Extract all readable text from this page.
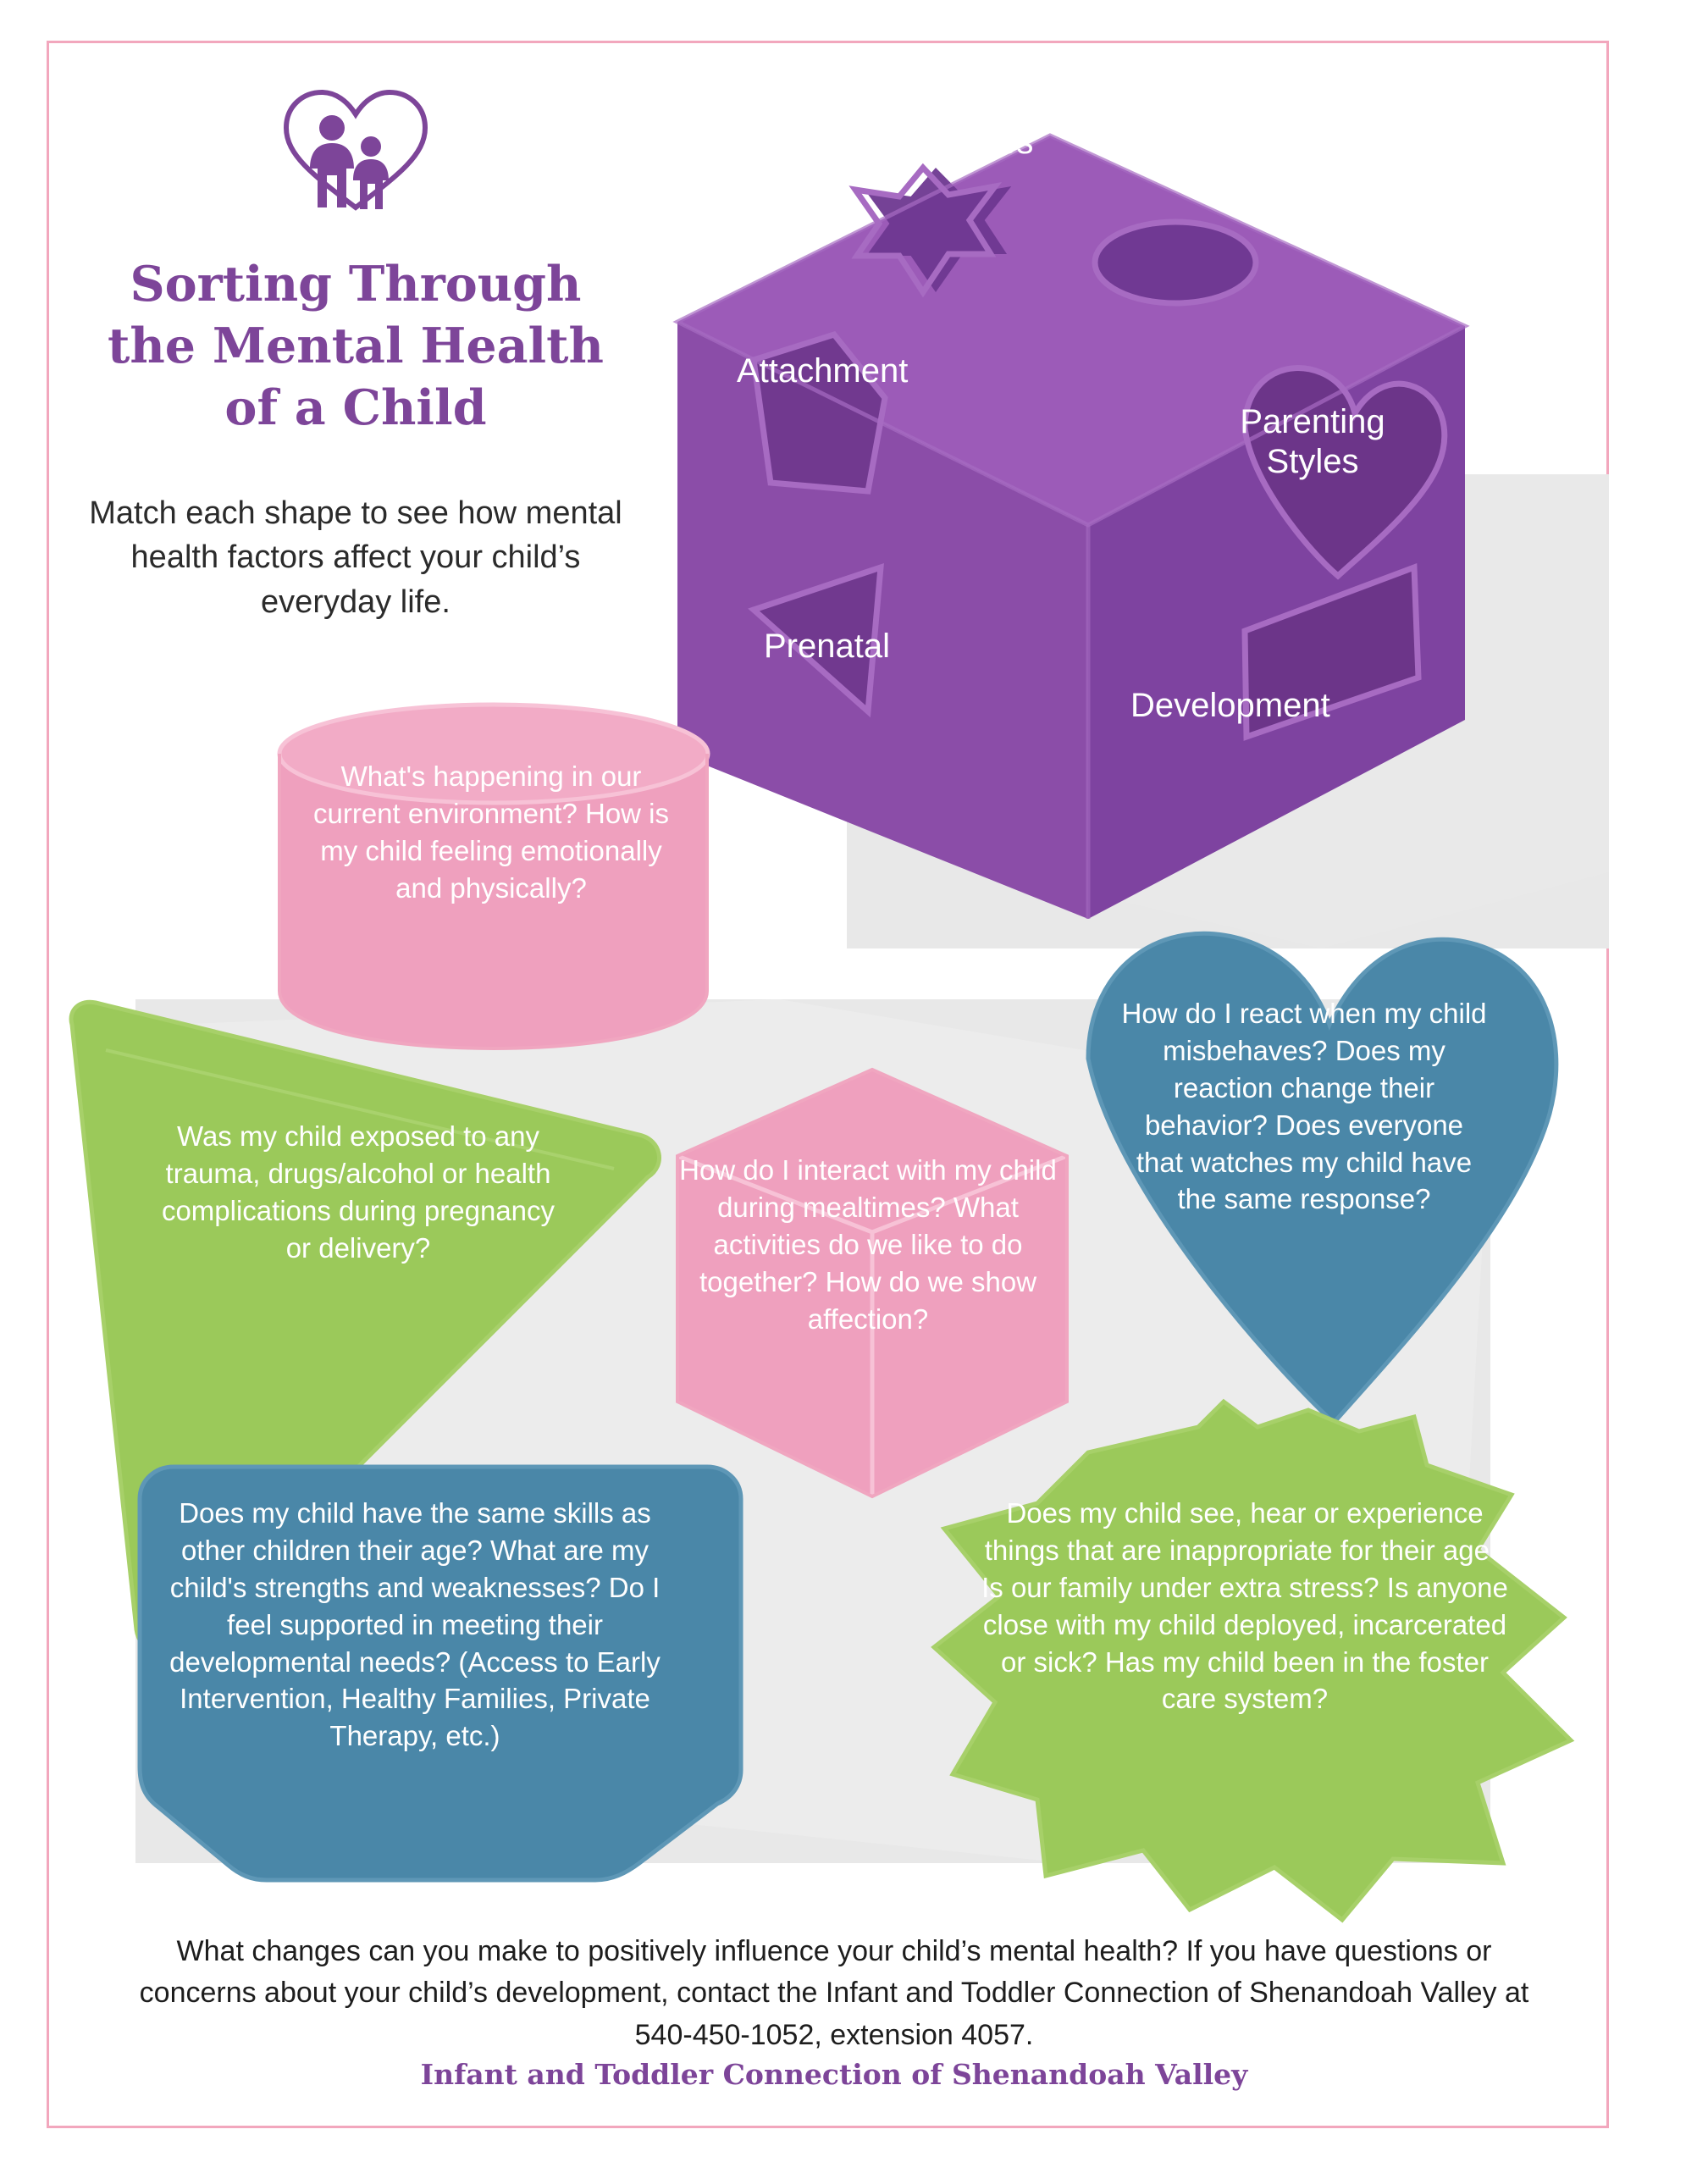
Sorting Through
the Mental Health
of a Child
Match each shape to see how mental health factors affect your child’s everyday life.
Influences Environment
Attachment
Parenting
Styles
Prenatal
Development
What's happening in our current environment? How is my child feeling emotionally and physically?
Was my child exposed to any trauma, drugs/alcohol or health complications during pregnancy or delivery?
How do I interact with my child during mealtimes? What activities do we like to do together? How do we show affection?
How do I react when my child misbehaves? Does my reaction change their behavior? Does everyone that watches my child have the same response?
Does my child have the same skills as other children their age? What are my child's strengths and weaknesses? Do I feel supported in meeting their developmental needs? (Access to Early Intervention, Healthy Families, Private Therapy, etc.)
Does my child see, hear or experience things that are inappropriate for their age? Is our family under extra stress? Is anyone close with my child deployed, incarcerated or sick? Has my child been in the foster care system?
What changes can you make to positively influence your child’s mental health? If you have questions or concerns about your child’s development, contact the Infant and Toddler Connection of Shenandoah Valley at 540-450-1052, extension 4057.
Infant and Toddler Connection of Shenandoah Valley
